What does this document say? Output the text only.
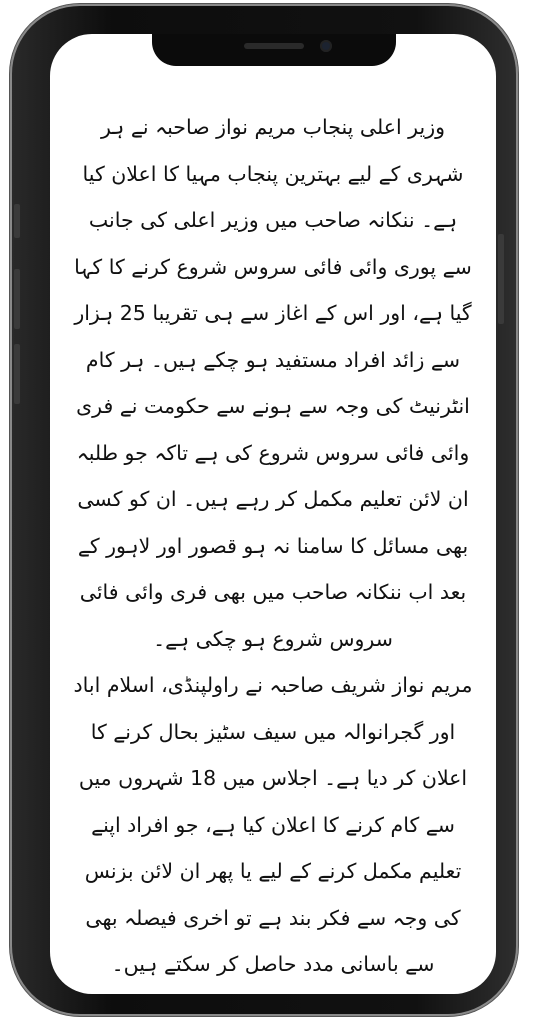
وزیر اعلی پنجاب مریم نواز صاحبہ نے ہر شہری کے لیے بہترین پنجاب مہیا کا اعلان کیا ہے۔ ننکانہ صاحب میں وزیر اعلی کی جانب سے پوری وائی فائی سروس شروع کرنے کا کہا گیا ہے، اور اس کے اغاز سے ہی تقریبا 25 ہزار سے زائد افراد مستفید ہو چکے ہیں۔ ہر کام انٹرنیٹ کی وجہ سے ہونے سے حکومت نے فری وائی فائی سروس شروع کی ہے تاکہ جو طلبہ ان لائن تعلیم مکمل کر رہے ہیں۔ ان کو کسی بھی مسائل کا سامنا نہ ہو قصور اور لاہور کے بعد اب ننکانہ صاحب میں بھی فری وائی فائی سروس شروع ہو چکی ہے۔

مریم نواز شریف صاحبہ نے راولپنڈی، اسلام اباد اور گجرانوالہ میں سیف سٹیز بحال کرنے کا اعلان کر دیا ہے۔ اجلاس میں 18 شہروں میں سے کام کرنے کا اعلان کیا ہے، جو افراد اپنے تعلیم مکمل کرنے کے لیے یا پھر ان لائن بزنس کی وجہ سے فکر بند ہے تو اخری فیصلہ بھی سے باسانی مدد حاصل کر سکتے ہیں۔
